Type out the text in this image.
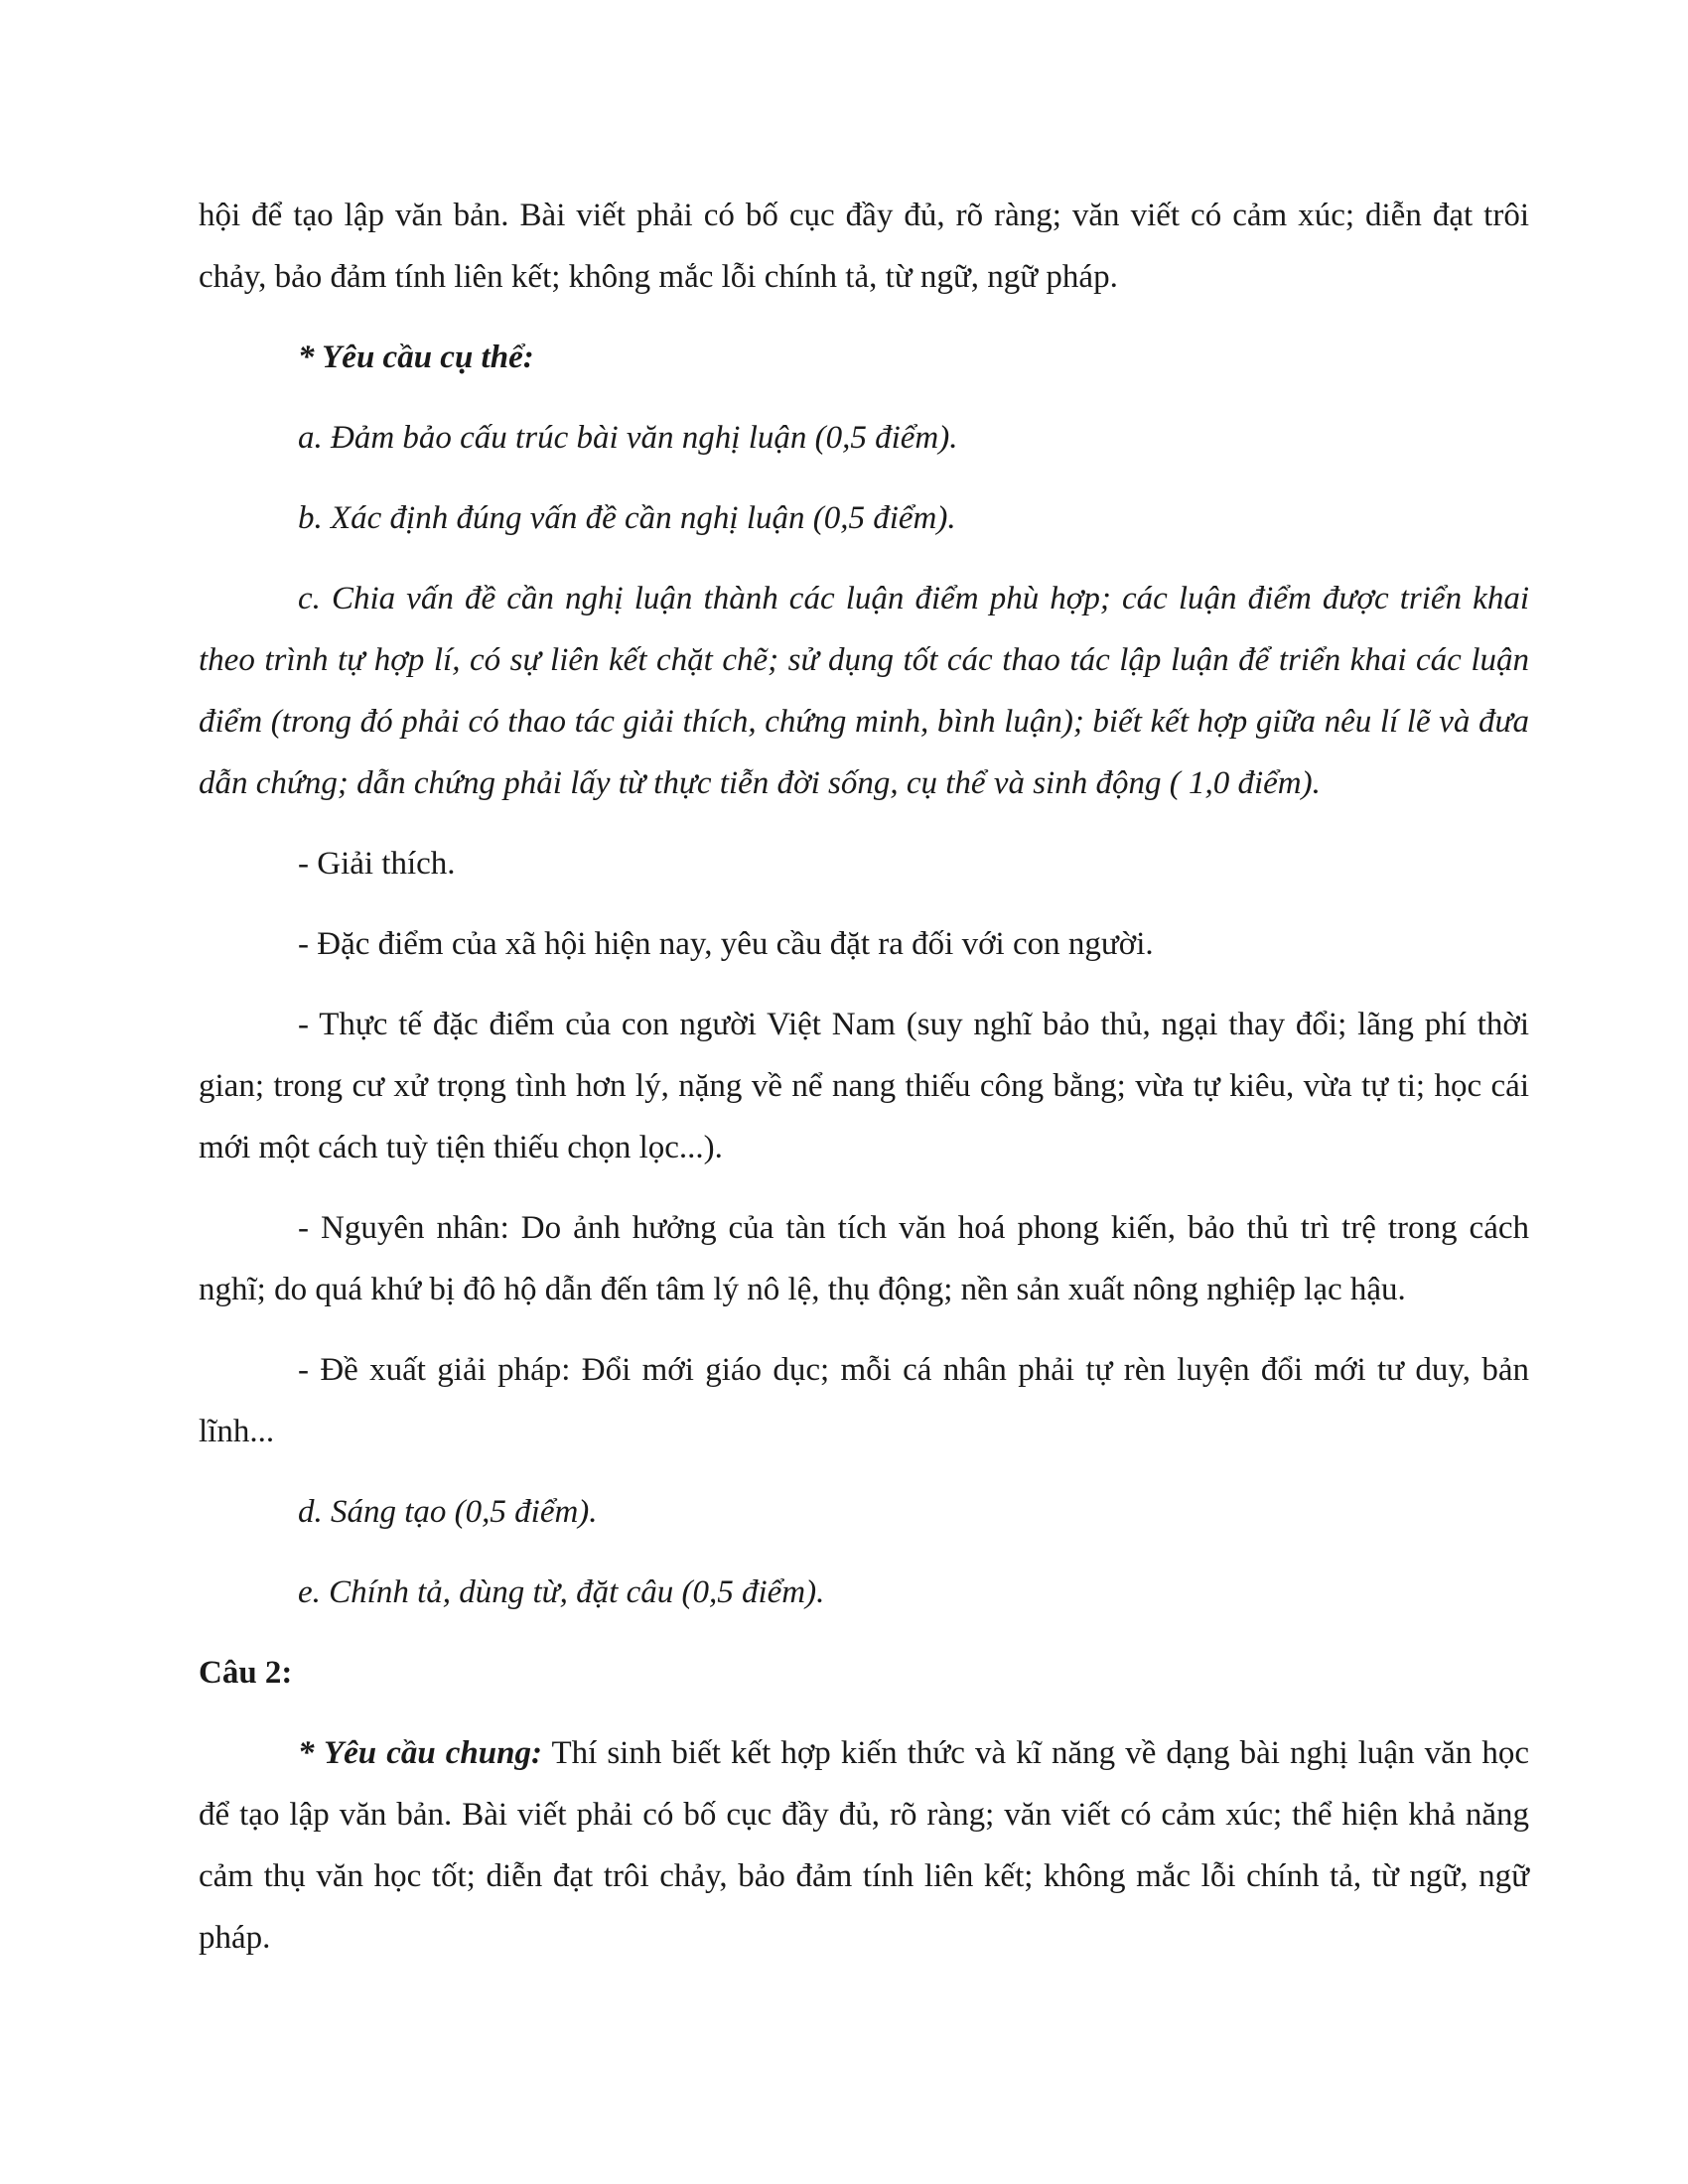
hội để tạo lập văn bản. Bài viết phải có bố cục đầy đủ, rõ ràng; văn viết có cảm xúc; diễn đạt trôi chảy, bảo đảm tính liên kết; không mắc lỗi chính tả, từ ngữ, ngữ pháp.

* Yêu cầu cụ thể:

a. Đảm bảo cấu trúc bài văn nghị luận (0,5 điểm).

b. Xác định đúng vấn đề cần nghị luận (0,5 điểm).

c. Chia vấn đề cần nghị luận thành các luận điểm phù hợp; các luận điểm được triển khai theo trình tự hợp lí, có sự liên kết chặt chẽ; sử dụng tốt các thao tác lập luận để triển khai các luận điểm (trong đó phải có thao tác giải thích, chứng minh, bình luận); biết kết hợp giữa nêu lí lẽ và đưa dẫn chứng; dẫn chứng phải lấy từ thực tiễn đời sống, cụ thể và sinh động ( 1,0 điểm).

- Giải thích.

- Đặc điểm của xã hội hiện nay, yêu cầu đặt ra đối với con người.

- Thực tế đặc điểm của con người Việt Nam (suy nghĩ bảo thủ, ngại thay đổi; lãng phí thời gian; trong cư xử trọng tình hơn lý, nặng về nể nang thiếu công bằng; vừa tự kiêu, vừa tự ti; học cái mới một cách tuỳ tiện thiếu chọn lọc...).

- Nguyên nhân: Do ảnh hưởng của tàn tích văn hoá phong kiến, bảo thủ trì trệ trong cách nghĩ; do quá khứ bị đô hộ dẫn đến tâm lý nô lệ, thụ động; nền sản xuất nông nghiệp lạc hậu.

- Đề xuất giải pháp: Đổi mới giáo dục; mỗi cá nhân phải tự rèn luyện đổi mới tư duy, bản lĩnh...

d. Sáng tạo (0,5 điểm).

e. Chính tả, dùng từ, đặt câu (0,5 điểm).

Câu 2:

* Yêu cầu chung: Thí sinh biết kết hợp kiến thức và kĩ năng về dạng bài nghị luận văn học để tạo lập văn bản. Bài viết phải có bố cục đầy đủ, rõ ràng; văn viết có cảm xúc; thể hiện khả năng cảm thụ văn học tốt; diễn đạt trôi chảy, bảo đảm tính liên kết; không mắc lỗi chính tả, từ ngữ, ngữ pháp.
